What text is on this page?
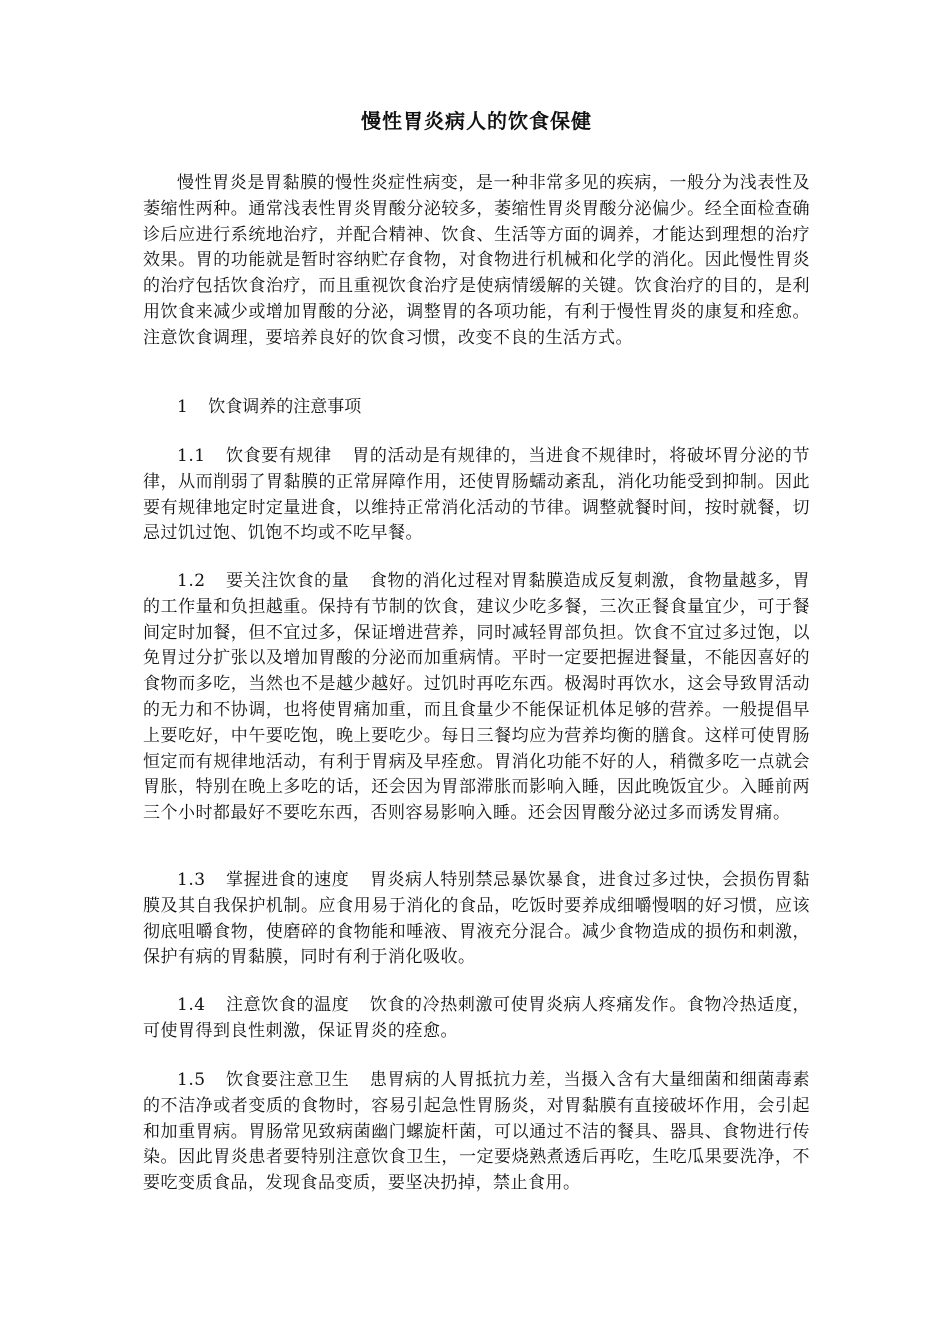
慢性胃炎病人的饮食保健

慢性胃炎是胃黏膜的慢性炎症性病变，是一种非常多见的疾病，一般分为浅表性及萎缩性两种。通常浅表性胃炎胃酸分泌较多，萎缩性胃炎胃酸分泌偏少。经全面检查确诊后应进行系统地治疗，并配合精神、饮食、生活等方面的调养，才能达到理想的治疗效果。胃的功能就是暂时容纳贮存食物，对食物进行机械和化学的消化。因此慢性胃炎的治疗包括饮食治疗，而且重视饮食治疗是使病情缓解的关键。饮食治疗的目的，是利用饮食来减少或增加胃酸的分泌，调整胃的各项功能，有利于慢性胃炎的康复和痊愈。注意饮食调理，要培养良好的饮食习惯，改变不良的生活方式。

1 饮食调养的注意事项

1.1 饮食要有规律 胃的活动是有规律的，当进食不规律时，将破坏胃分泌的节律，从而削弱了胃黏膜的正常屏障作用，还使胃肠蠕动紊乱，消化功能受到抑制。因此要有规律地定时定量进食，以维持正常消化活动的节律。调整就餐时间，按时就餐，切忌过饥过饱、饥饱不均或不吃早餐。

1.2 要关注饮食的量 食物的消化过程对胃黏膜造成反复刺激，食物量越多，胃的工作量和负担越重。保持有节制的饮食，建议少吃多餐，三次正餐食量宜少，可于餐间定时加餐，但不宜过多，保证增进营养，同时减轻胃部负担。饮食不宜过多过饱，以免胃过分扩张以及增加胃酸的分泌而加重病情。平时一定要把握进餐量，不能因喜好的食物而多吃，当然也不是越少越好。过饥时再吃东西。极渴时再饮水，这会导致胃活动的无力和不协调，也将使胃痛加重，而且食量少不能保证机体足够的营养。一般提倡早上要吃好，中午要吃饱，晚上要吃少。每日三餐均应为营养均衡的膳食。这样可使胃肠恒定而有规律地活动，有利于胃病及早痊愈。胃消化功能不好的人，稍微多吃一点就会胃胀，特别在晚上多吃的话，还会因为胃部滞胀而影响入睡，因此晚饭宜少。入睡前两三个小时都最好不要吃东西，否则容易影响入睡。还会因胃酸分泌过多而诱发胃痛。

1.3 掌握进食的速度 胃炎病人特别禁忌暴饮暴食，进食过多过快，会损伤胃黏膜及其自我保护机制。应食用易于消化的食品，吃饭时要养成细嚼慢咽的好习惯，应该彻底咀嚼食物，使磨碎的食物能和唾液、胃液充分混合。减少食物造成的损伤和刺激，保护有病的胃黏膜，同时有利于消化吸收。

1.4 注意饮食的温度 饮食的冷热刺激可使胃炎病人疼痛发作。食物冷热适度，可使胃得到良性刺激，保证胃炎的痊愈。

1.5 饮食要注意卫生 患胃病的人胃抵抗力差，当摄入含有大量细菌和细菌毒素的不洁净或者变质的食物时，容易引起急性胃肠炎，对胃黏膜有直接破坏作用，会引起和加重胃病。胃肠常见致病菌幽门螺旋杆菌，可以通过不洁的餐具、器具、食物进行传染。因此胃炎患者要特别注意饮食卫生，一定要烧熟煮透后再吃，生吃瓜果要洗净，不要吃变质食品，发现食品变质，要坚决扔掉，禁止食用。
